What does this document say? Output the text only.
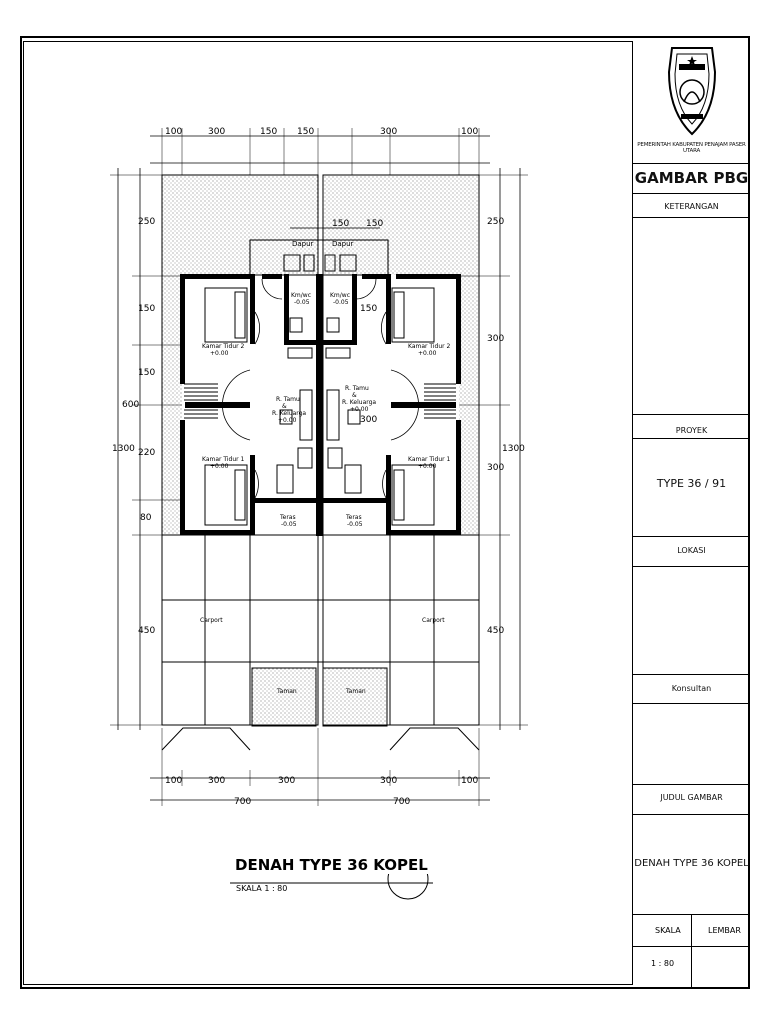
100	300	150 150	300	100
150 150
100	300	300	300	100
700	700
250
150
150
600
220
80
450
1300
250
300
300
450
1300
150
300
Dapur	Dapur
Km/wc
-0.05
Km/wc
-0.05
Kamar Tidur 2
+0.00
Kamar Tidur 2
+0.00
R. Tamu
&
R. Keluarga
+0.00
R. Tamu
&
R. Keluarga
+0.00
Kamar Tidur 1
+0.00
Kamar Tidur 1
+0.00
Teras
-0.05
Teras
-0.05
Carport	Carport
Taman	Taman
DENAH TYPE 36 KOPEL
SKALA 1 : 80
PEMERINTAH KABUPATEN PENAJAM PASER UTARA
GAMBAR PBG
KETERANGAN
PROYEK
TYPE 36 / 91
LOKASI
Konsultan
JUDUL GAMBAR
DENAH TYPE 36 KOPEL
SKALA	LEMBAR
1 : 80
